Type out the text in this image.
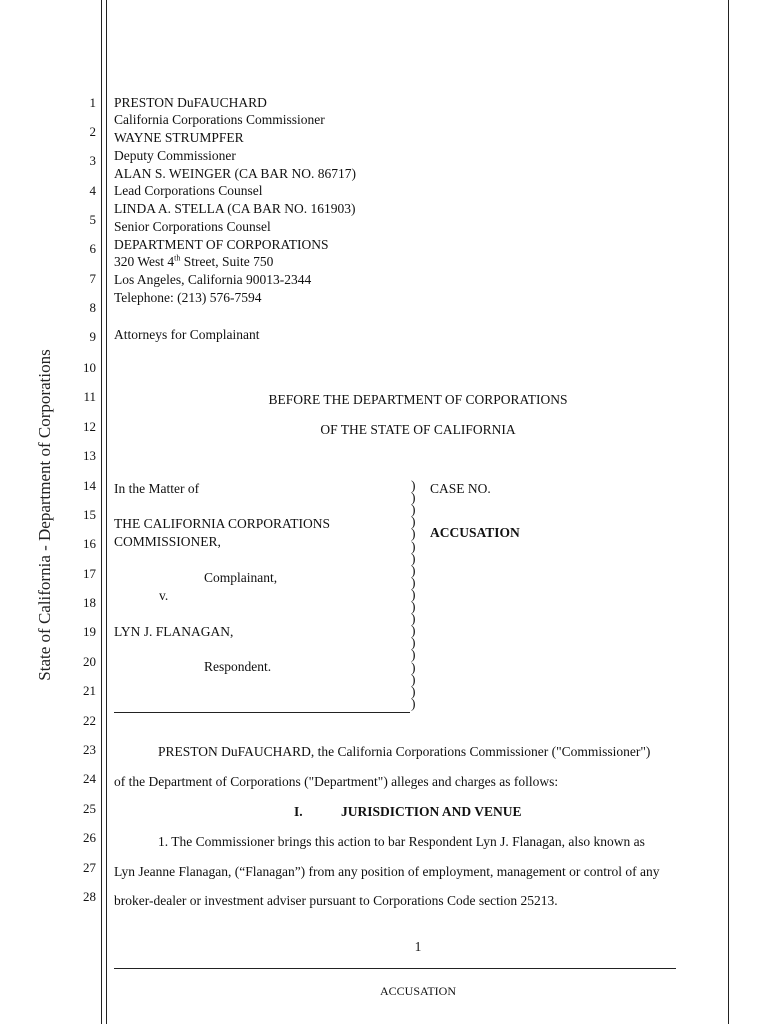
State of California - Department of Corporations
1
2
3
4
5
6
7
8
9
10
11
12
13
14
15
16
17
18
19
20
21
22
23
24
25
26
27
28
PRESTON DuFAUCHARD
California Corporations Commissioner
WAYNE STRUMPFER
Deputy Commissioner
ALAN S. WEINGER (CA BAR NO. 86717)
Lead Corporations Counsel
LINDA A. STELLA (CA BAR NO. 161903)
Senior Corporations Counsel
DEPARTMENT OF CORPORATIONS
320 West 4th Street, Suite 750
Los Angeles, California 90013-2344
Telephone: (213) 576-7594
Attorneys for Complainant
BEFORE THE DEPARTMENT OF CORPORATIONS
OF THE STATE OF CALIFORNIA
In the Matter of
THE CALIFORNIA CORPORATIONS
COMMISSIONER,
Complainant,
v.
LYN J. FLANAGAN,
Respondent.
)
)
)
)
)
)
)
)
)
)
)
)
)
)
)
)
)
)
)
CASE NO.
ACCUSATION
PRESTON DuFAUCHARD, the California Corporations Commissioner ("Commissioner")
of the Department of Corporations ("Department") alleges and charges as follows:
I.	JURISDICTION AND VENUE
1. The Commissioner brings this action to bar Respondent Lyn J. Flanagan, also known as
Lyn Jeanne Flanagan, (“Flanagan”) from any position of employment, management or control of any
broker-dealer or investment adviser pursuant to Corporations Code section 25213.
1
ACCUSATION
